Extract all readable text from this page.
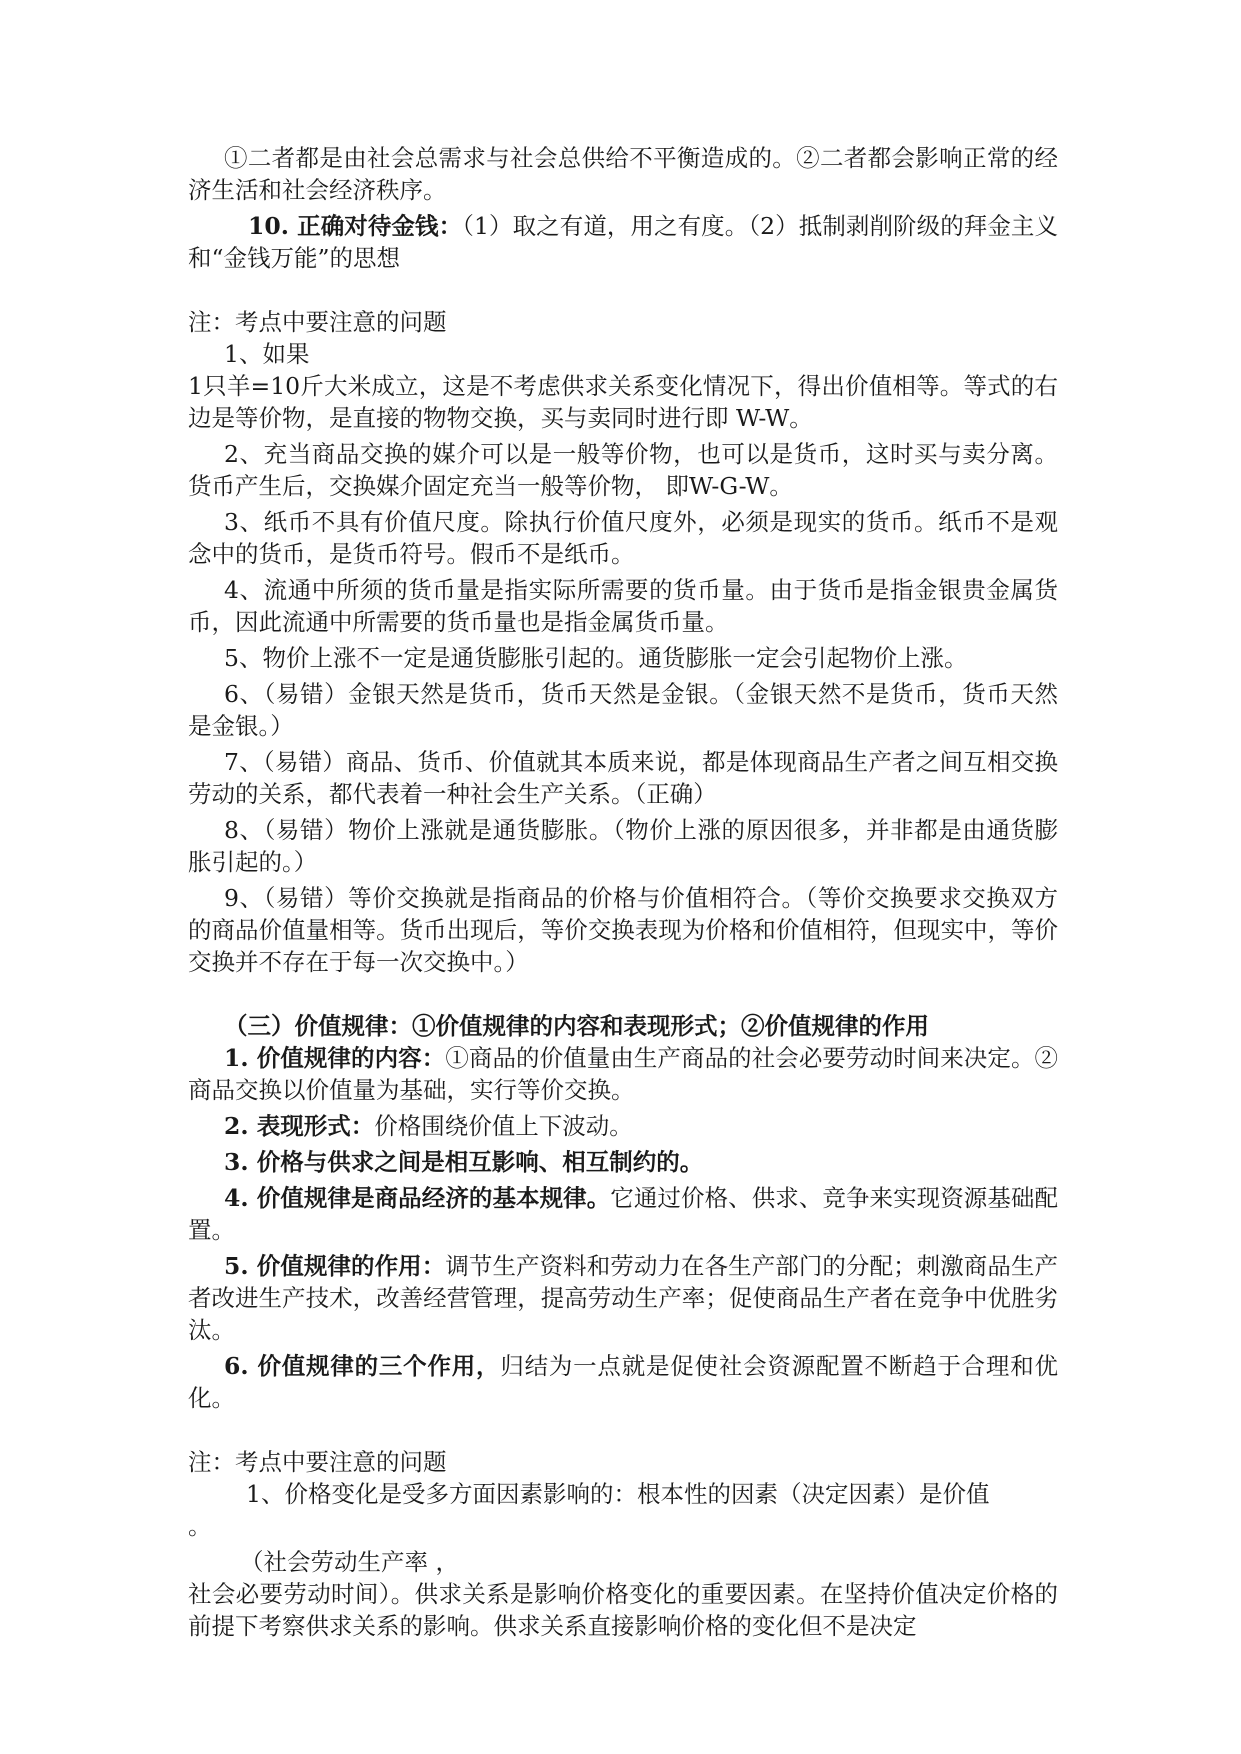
①二者都是由社会总需求与社会总供给不平衡造成的。②二者都会影响正常的经济生活和社会经济秩序。

10. 正确对待金钱：（1）取之有道，用之有度。（2）抵制剥削阶级的拜金主义和“金钱万能”的思想

注：考点中要注意的问题

1、如果

1只羊=10斤大米成立，这是不考虑供求关系变化情况下，得出价值相等。等式的右边是等价物，是直接的物物交换，买与卖同时进行即 W-W。

2、充当商品交换的媒介可以是一般等价物，也可以是货币，这时买与卖分离。货币产生后，交换媒介固定充当一般等价物， 即W-G-W。

3、纸币不具有价值尺度。除执行价值尺度外，必须是现实的货币。纸币不是观念中的货币，是货币符号。假币不是纸币。

4、流通中所须的货币量是指实际所需要的货币量。由于货币是指金银贵金属货币，因此流通中所需要的货币量也是指金属货币量。

5、物价上涨不一定是通货膨胀引起的。通货膨胀一定会引起物价上涨。

6、（易错）金银天然是货币，货币天然是金银。（金银天然不是货币，货币天然是金银。）

7、（易错）商品、货币、价值就其本质来说，都是体现商品生产者之间互相交换劳动的关系，都代表着一种社会生产关系。（正确）

8、（易错）物价上涨就是通货膨胀。（物价上涨的原因很多，并非都是由通货膨胀引起的。）

9、（易错）等价交换就是指商品的价格与价值相符合。（等价交换要求交换双方的商品价值量相等。货币出现后，等价交换表现为价格和价值相符，但现实中，等价交换并不存在于每一次交换中。）

（三）价值规律：①价值规律的内容和表现形式；②价值规律的作用

1. 价值规律的内容：①商品的价值量由生产商品的社会必要劳动时间来决定。②商品交换以价值量为基础，实行等价交换。

2. 表现形式：价格围绕价值上下波动。

3. 价格与供求之间是相互影响、相互制约的。

4. 价值规律是商品经济的基本规律。它通过价格、供求、竞争来实现资源基础配置。

5. 价值规律的作用：调节生产资料和劳动力在各生产部门的分配；刺激商品生产者改进生产技术，改善经营管理，提高劳动生产率；促使商品生产者在竞争中优胜劣汰。

6. 价值规律的三个作用，归结为一点就是促使社会资源配置不断趋于合理和优化。

注：考点中要注意的问题

1、价格变化是受多方面因素影响的：根本性的因素（决定因素）是价值

。

（社会劳动生产率 ，

社会必要劳动时间）。供求关系是影响价格变化的重要因素。在坚持价值决定价格的前提下考察供求关系的影响。供求关系直接影响价格的变化但不是决定
